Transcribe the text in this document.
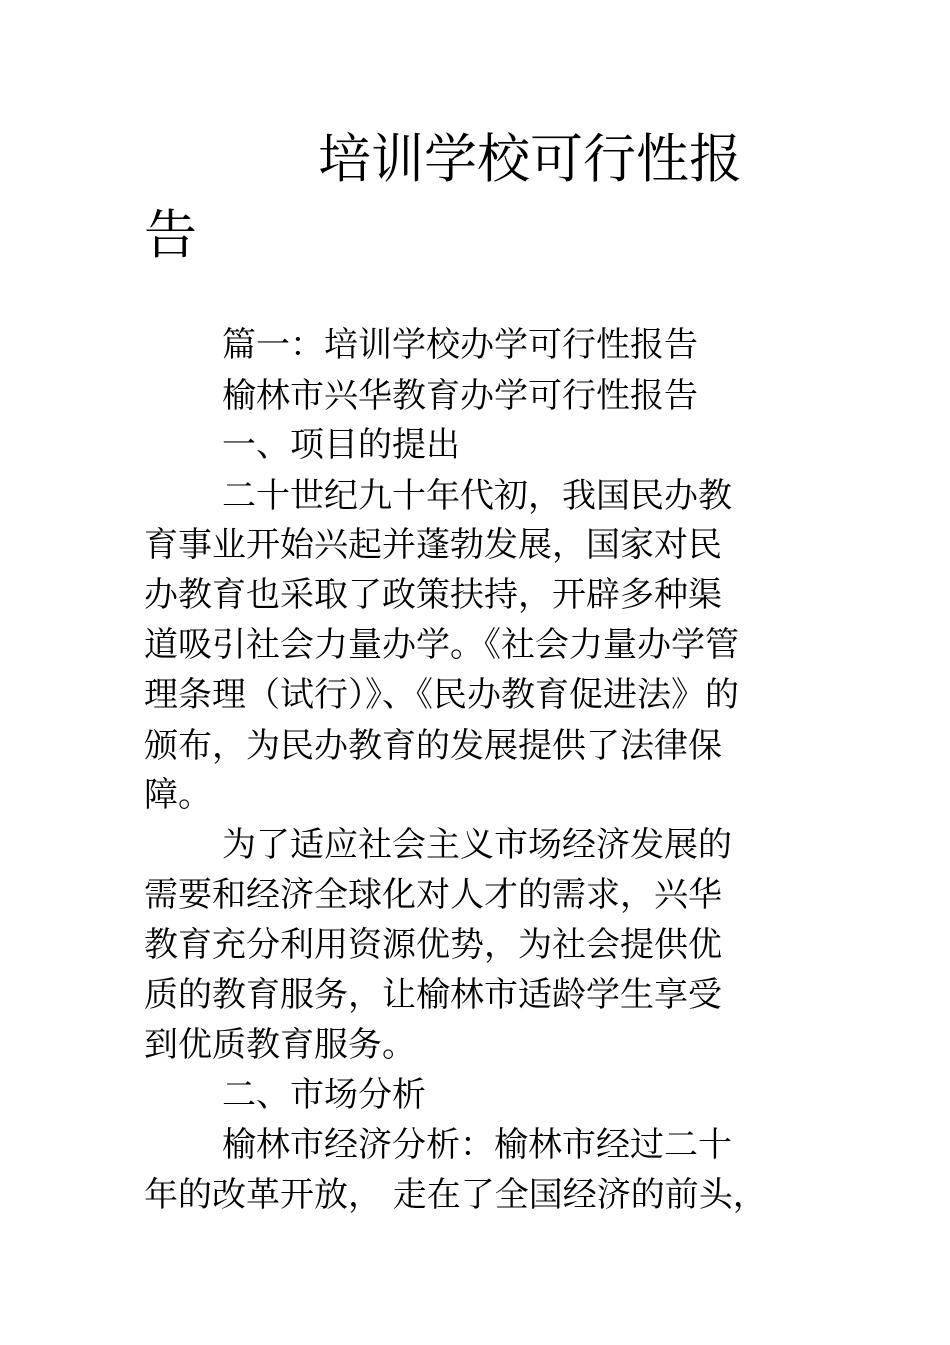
培训学校可行性报
告

篇一：培训学校办学可行性报告

榆林市兴华教育办学可行性报告

一、项目的提出

二十世纪九十年代初，我国民办教

育事业开始兴起并蓬勃发展，国家对民

办教育也采取了政策扶持，开辟多种渠

道吸引社会力量办学。《社会力量办学管

理条理（试行）》、《民办教育促进法》的

颁布，为民办教育的发展提供了法律保

障。

为了适应社会主义市场经济发展的

需要和经济全球化对人才的需求，兴华

教育充分利用资源优势，为社会提供优

质的教育服务，让榆林市适龄学生享受

到优质教育服务。

二、市场分析

榆林市经济分析：榆林市经过二十

年的改革开放， 走在了全国经济的前头，
